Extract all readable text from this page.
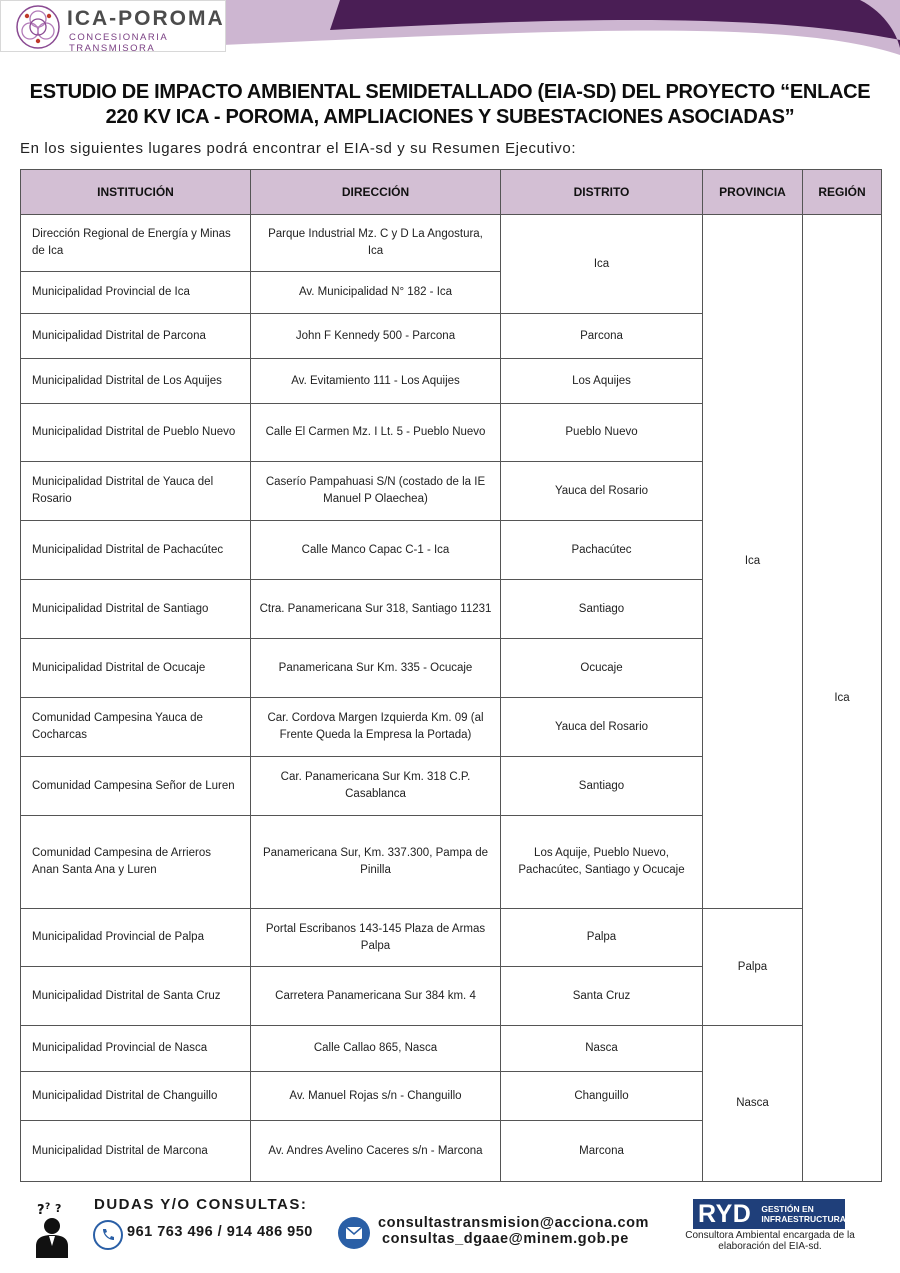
ICA-POROMA
CONCESIONARIA TRANSMISORA
ESTUDIO DE IMPACTO AMBIENTAL SEMIDETALLADO (EIA-SD) DEL PROYECTO “ENLACE 220 KV ICA - POROMA, AMPLIACIONES Y SUBESTACIONES ASOCIADAS”
En los siguientes lugares podrá encontrar el EIA-sd y su Resumen Ejecutivo:
INSTITUCIÓN	DIRECCIÓN	DISTRITO	PROVINCIA	REGIÓN
Dirección Regional de Energía y Minas de Ica	Parque Industrial Mz. C y D La Angostura, Ica	Ica	Ica	Ica
Municipalidad Provincial de Ica	Av. Municipalidad N° 182 - Ica			
Municipalidad Distrital de Parcona	John F Kennedy 500 - Parcona	Parcona		
Municipalidad Distrital de Los Aquijes	Av. Evitamiento 111 - Los Aquijes	Los Aquijes		
Municipalidad Distrital de Pueblo Nuevo	Calle El Carmen Mz. I Lt. 5 - Pueblo Nuevo	Pueblo Nuevo		
Municipalidad Distrital de Yauca del Rosario	Caserío Pampahuasi S/N (costado de la IE Manuel P Olaechea)	Yauca del Rosario		
Municipalidad Distrital de Pachacútec	Calle Manco Capac C-1 - Ica	Pachacútec		
Municipalidad Distrital de Santiago	Ctra. Panamericana Sur 318, Santiago 11231	Santiago		
Municipalidad Distrital de Ocucaje	Panamericana Sur Km. 335 - Ocucaje	Ocucaje		
Comunidad Campesina Yauca de Cocharcas	Car. Cordova Margen Izquierda Km. 09 (al Frente Queda la Empresa la Portada)	Yauca del Rosario		
Comunidad Campesina Señor de Luren	Car. Panamericana Sur Km. 318 C.P. Casablanca	Santiago		
Comunidad Campesina de Arrieros Anan Santa Ana y Luren	Panamericana Sur, Km. 337.300, Pampa de Pinilla	Los Aquije, Pueblo Nuevo, Pachacútec, Santiago y Ocucaje		
Municipalidad Provincial de Palpa	Portal Escribanos 143-145 Plaza de Armas Palpa	Palpa	Palpa	
Municipalidad Distrital de Santa Cruz	Carretera Panamericana Sur 384 km. 4	Santa Cruz		
Municipalidad Provincial de Nasca	Calle Callao 865, Nasca	Nasca	Nasca	
Municipalidad Distrital de Changuillo	Av. Manuel Rojas s/n - Changuillo	Changuillo		
Municipalidad Distrital de Marcona	Av. Andres Avelino Caceres s/n - Marcona	Marcona		
? ?
?	DUDAS Y/O CONSULTAS:
961 763 496 / 914 486 950
consultastransmision@acciona.com
consultas_dgaae@minem.gob.pe
RYD GESTIÓN EN
INFRAESTRUCTURA
Consultora Ambiental encargada de la elaboración del EIA-sd.
